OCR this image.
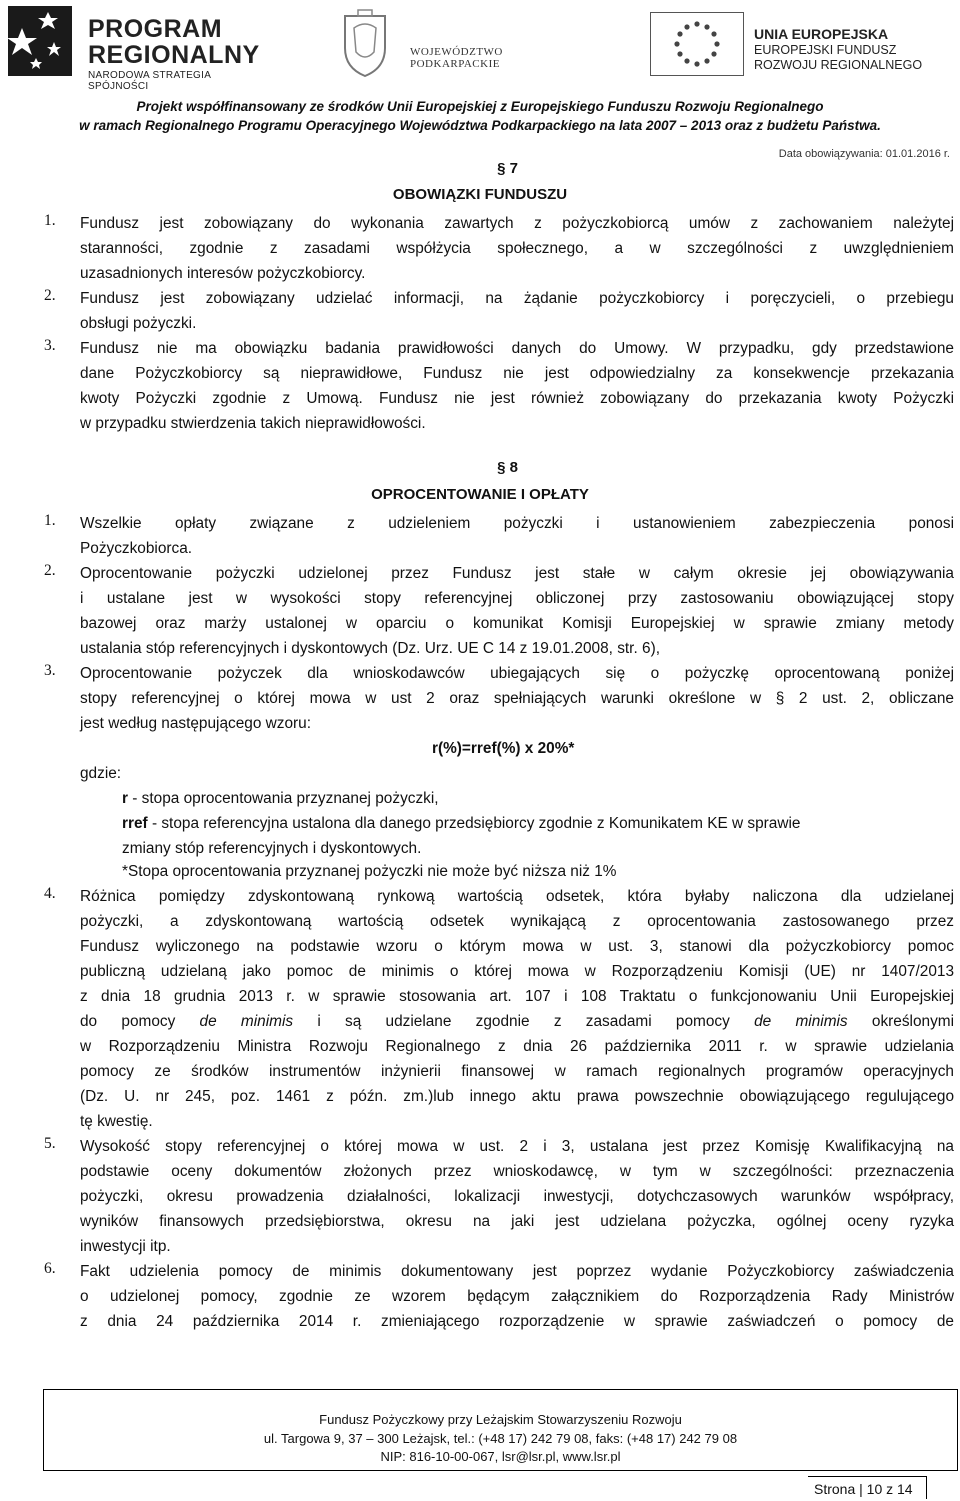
PROGRAM
REGIONALNY
NARODOWA STRATEGIA SPÓJNOŚCI
WOJEWÓDZTWO PODKARPACKIE
UNIA EUROPEJSKA
EUROPEJSKI FUNDUSZ
ROZWOJU REGIONALNEGO
Projekt współfinansowany ze środków Unii Europejskiej z Europejskiego Funduszu Rozwoju Regionalnego
w ramach Regionalnego Programu Operacyjnego Województwa Podkarpackiego na lata 2007 – 2013 oraz z budżetu Państwa.
Data obowiązywania: 01.01.2016 r.
§ 7
OBOWIĄZKI FUNDUSZU
1. Fundusz jest zobowiązany do wykonania zawartych z pożyczkobiorcą umów z zachowaniem należytej
staranności, zgodnie z zasadami współżycia społecznego, a w szczególności z uwzględnieniem
uzasadnionych interesów pożyczkobiorcy.
2. Fundusz jest zobowiązany udzielać informacji, na żądanie pożyczkobiorcy i poręczycieli, o przebiegu
obsługi pożyczki.
3. Fundusz nie ma obowiązku badania prawidłowości danych do Umowy. W przypadku, gdy przedstawione
dane Pożyczkobiorcy są nieprawidłowe, Fundusz nie jest odpowiedzialny za konsekwencje przekazania
kwoty Pożyczki zgodnie z Umową. Fundusz nie jest również zobowiązany do przekazania kwoty Pożyczki
w przypadku stwierdzenia takich nieprawidłowości.
§ 8
OPROCENTOWANIE I OPŁATY
1. Wszelkie opłaty związane z udzieleniem pożyczki i ustanowieniem zabezpieczenia ponosi
Pożyczkobiorca.
2. Oprocentowanie pożyczki udzielonej przez Fundusz jest stałe w całym okresie jej obowiązywania
i ustalane jest w wysokości stopy referencyjnej obliczonej przy zastosowaniu obowiązującej stopy
bazowej oraz marży ustalonej w oparciu o komunikat Komisji Europejskiej w sprawie zmiany metody
ustalania stóp referencyjnych i dyskontowych (Dz. Urz. UE C 14 z 19.01.2008, str. 6),
3. Oprocentowanie pożyczek dla wnioskodawców ubiegających się o pożyczkę oprocentowaną poniżej
stopy referencyjnej o której mowa w ust 2 oraz spełniających warunki określone w § 2 ust. 2, obliczane
jest według następującego wzoru:
r(%)=rref(%) x 20%*
gdzie:
r - stopa oprocentowania przyznanej pożyczki,
rref - stopa referencyjna ustalona dla danego przedsiębiorcy zgodnie z Komunikatem KE w sprawie
zmiany stóp referencyjnych i dyskontowych.
*Stopa oprocentowania przyznanej pożyczki nie może być niższa niż 1%
4. Różnica pomiędzy zdyskontowaną rynkową wartością odsetek, która byłaby naliczona dla udzielanej
pożyczki, a zdyskontowaną wartością odsetek wynikającą z oprocentowania zastosowanego przez
Fundusz wyliczonego na podstawie wzoru o którym mowa w ust. 3, stanowi dla pożyczkobiorcy pomoc
publiczną udzielaną jako pomoc de minimis o której mowa w Rozporządzeniu Komisji (UE) nr 1407/2013
z dnia 18 grudnia 2013 r. w sprawie stosowania art. 107 i 108 Traktatu o funkcjonowaniu Unii Europejskiej
do pomocy de minimis i są udzielane zgodnie z zasadami pomocy de minimis określonymi
w Rozporządzeniu Ministra Rozwoju Regionalnego z dnia 26 października 2011 r. w sprawie udzielania
pomocy ze środków instrumentów inżynierii finansowej w ramach regionalnych programów operacyjnych
(Dz. U. nr 245, poz. 1461 z późn. zm.)lub innego aktu prawa powszechnie obowiązującego regulującego
tę kwestię.
5. Wysokość stopy referencyjnej o której mowa w ust. 2 i 3, ustalana jest przez Komisję Kwalifikacyjną na
podstawie oceny dokumentów złożonych przez wnioskodawcę, w tym w szczególności: przeznaczenia
pożyczki, okresu prowadzenia działalności, lokalizacji inwestycji, dotychczasowych warunków współpracy,
wyników finansowych przedsiębiorstwa, okresu na jaki jest udzielana pożyczka, ogólnej oceny ryzyka
inwestycji itp.
6. Fakt udzielenia pomocy de minimis dokumentowany jest poprzez wydanie Pożyczkobiorcy zaświadczenia
o udzielonej pomocy, zgodnie ze wzorem będącym załącznikiem do Rozporządzenia Rady Ministrów
z dnia 24 października 2014 r. zmieniającego rozporządzenie w sprawie zaświadczeń o pomocy de
Fundusz Pożyczkowy przy Leżajskim Stowarzyszeniu Rozwoju
ul. Targowa 9, 37 – 300 Leżajsk, tel.: (+48 17) 242 79 08, faks: (+48 17) 242 79 08
NIP: 816-10-00-067, lsr@lsr.pl, www.lsr.pl
Strona | 10 z 14
